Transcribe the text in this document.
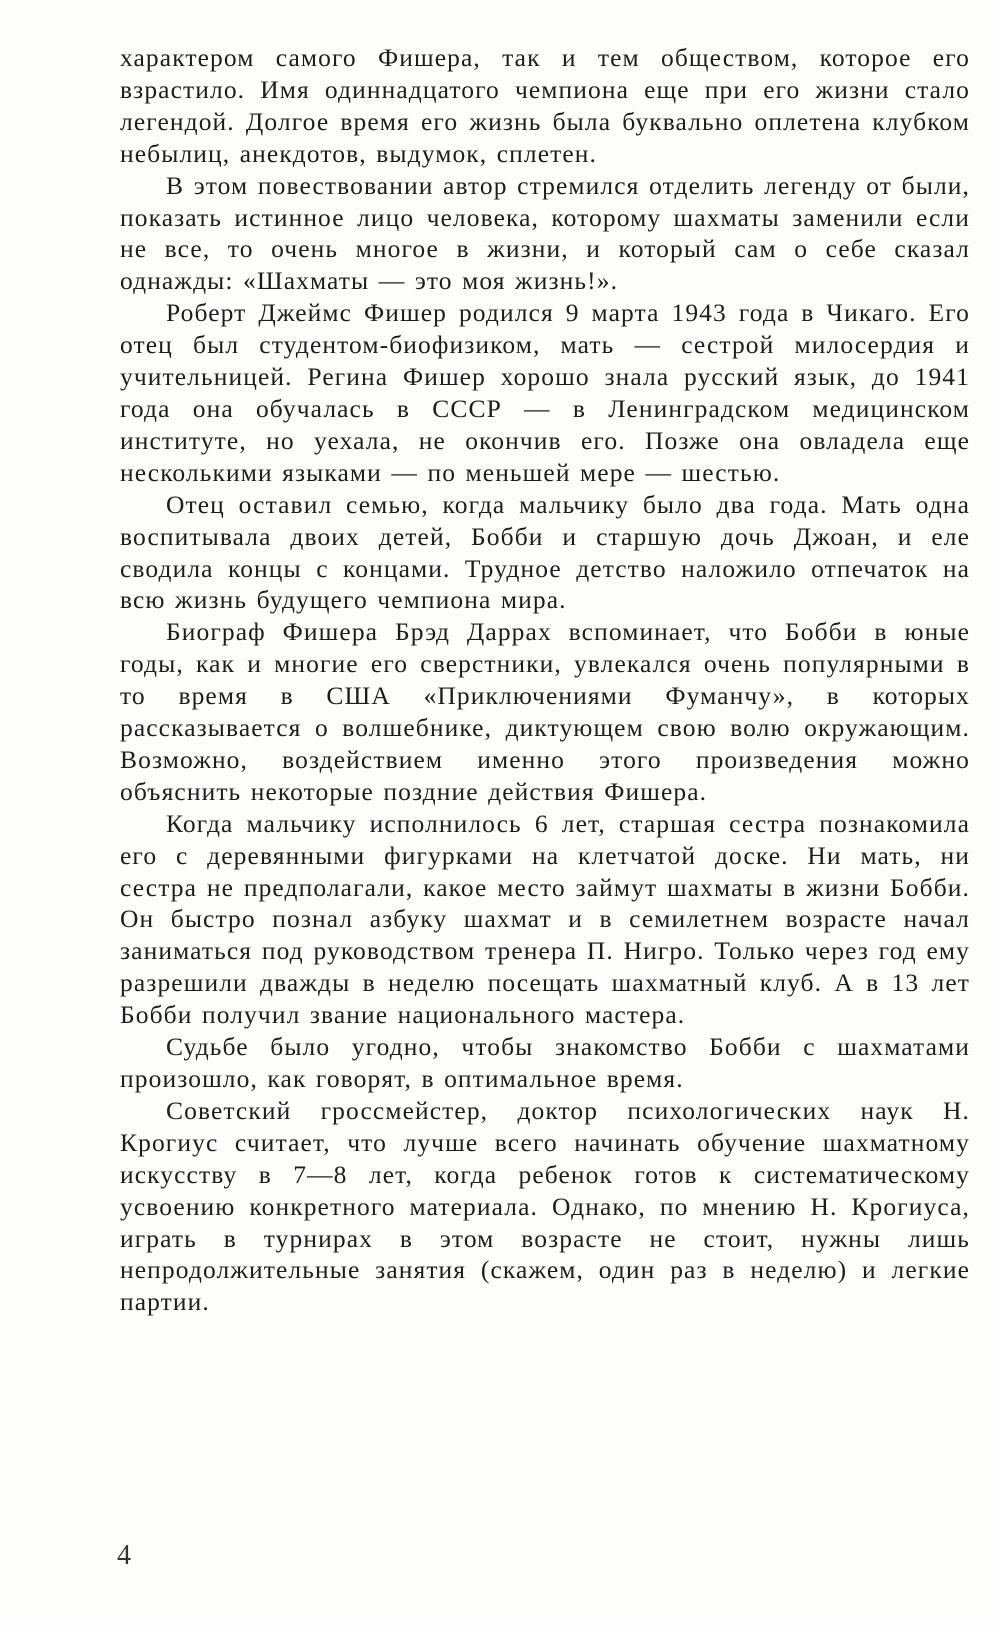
характером самого Фишера, так и тем обществом, которое его взрастило. Имя одиннадцатого чемпиона еще при его жизни стало легендой. Долгое время его жизнь была буквально оплетена клубком небылиц, анекдотов, выдумок, сплетен.

В этом повествовании автор стремился отделить легенду от были, показать истинное лицо человека, которому шахматы заменили если не все, то очень многое в жизни, и который сам о себе сказал однажды: «Шахматы — это моя жизнь!».

Роберт Джеймс Фишер родился 9 марта 1943 года в Чикаго. Его отец был студентом-биофизиком, мать — сестрой милосердия и учительницей. Регина Фишер хорошо знала русский язык, до 1941 года она обучалась в СССР — в Ленинградском медицинском институте, но уехала, не окончив его. Позже она овладела еще несколькими языками — по меньшей мере — шестью.

Отец оставил семью, когда мальчику было два года. Мать одна воспитывала двоих детей, Бобби и старшую дочь Джоан, и еле сводила концы с концами. Трудное детство наложило отпечаток на всю жизнь будущего чемпиона мира.

Биограф Фишера Брэд Даррах вспоминает, что Бобби в юные годы, как и многие его сверстники, увлекался очень популярными в то время в США «Приключениями Фуманчу», в которых рассказывается о волшебнике, диктующем свою волю окружающим. Возможно, воздействием именно этого произведения можно объяснить некоторые поздние действия Фишера.

Когда мальчику исполнилось 6 лет, старшая сестра познакомила его с деревянными фигурками на клетчатой доске. Ни мать, ни сестра не предполагали, какое место займут шахматы в жизни Бобби. Он быстро познал азбуку шахмат и в семилетнем возрасте начал заниматься под руководством тренера П. Нигро. Только через год ему разрешили дважды в неделю посещать шахматный клуб. А в 13 лет Бобби получил звание национального мастера.

Судьбе было угодно, чтобы знакомство Бобби с шахматами произошло, как говорят, в оптимальное время.

Советский гроссмейстер, доктор психологических наук Н. Крогиус считает, что лучше всего начинать обучение шахматному искусству в 7—8 лет, когда ребенок готов к систематическому усвоению конкретного материала. Однако, по мнению Н. Крогиуса, играть в турнирах в этом возрасте не стоит, нужны лишь непродолжительные занятия (скажем, один раз в неделю) и легкие партии.

4
